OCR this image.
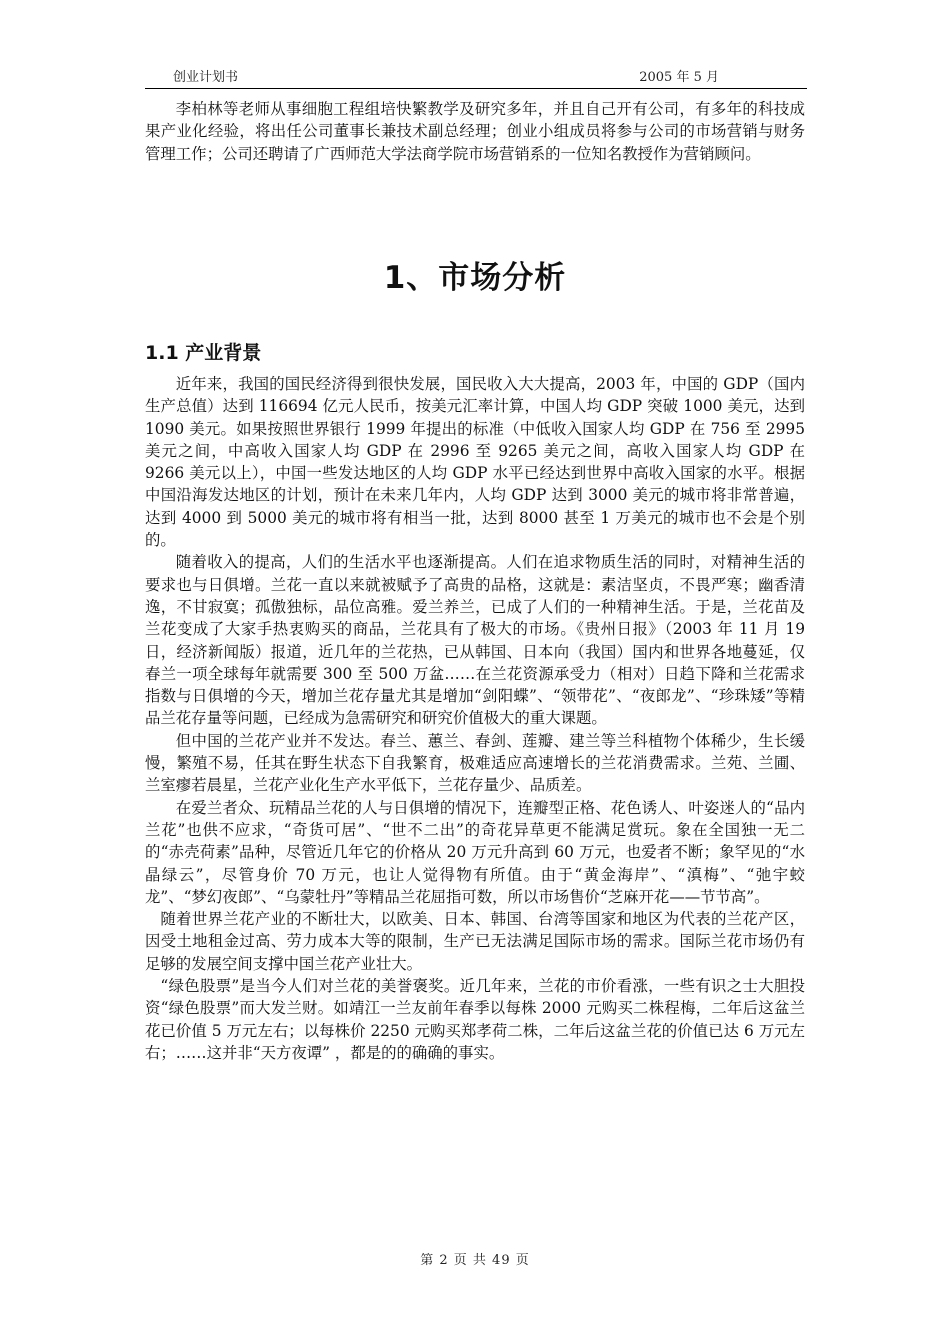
创业计划书	2005 年 5 月

李柏林等老师从事细胞工程组培快繁教学及研究多年，并且自己开有公司，有多年的科技成果产业化经验，将出任公司董事长兼技术副总经理；创业小组成员将参与公司的市场营销与财务管理工作；公司还聘请了广西师范大学法商学院市场营销系的一位知名教授作为营销顾问。

1、市场分析
1.1 产业背景

近年来，我国的国民经济得到很快发展，国民收入大大提高，2003 年，中国的 GDP（国内生产总值）达到 116694 亿元人民币，按美元汇率计算，中国人均 GDP 突破 1000 美元，达到 1090 美元。如果按照世界银行 1999 年提出的标准（中低收入国家人均 GDP 在 756 至 2995 美元之间，中高收入国家人均 GDP 在 2996 至 9265 美元之间，高收入国家人均 GDP 在 9266 美元以上），中国一些发达地区的人均 GDP 水平已经达到世界中高收入国家的水平。根据中国沿海发达地区的计划，预计在未来几年内，人均 GDP 达到 3000 美元的城市将非常普遍，达到 4000 到 5000 美元的城市将有相当一批，达到 8000 甚至 1 万美元的城市也不会是个别的。

随着收入的提高，人们的生活水平也逐渐提高。人们在追求物质生活的同时，对精神生活的要求也与日俱增。兰花一直以来就被赋予了高贵的品格，这就是：素洁坚贞，不畏严寒；幽香清逸，不甘寂寞；孤傲独标，品位高雅。爱兰养兰，已成了人们的一种精神生活。于是，兰花苗及兰花变成了大家手热衷购买的商品，兰花具有了极大的市场。《贵州日报》（2003 年 11 月 19 日，经济新闻版）报道，近几年的兰花热，已从韩国、日本向（我国）国内和世界各地蔓延，仅春兰一项全球每年就需要 300 至 500 万盆……在兰花资源承受力（相对）日趋下降和兰花需求指数与日俱增的今天，增加兰花存量尤其是增加“剑阳蝶”、“领带花”、“夜郎龙”、“珍珠矮”等精品兰花存量等问题，已经成为急需研究和研究价值极大的重大课题。

但中国的兰花产业并不发达。春兰、蕙兰、春剑、莲瓣、建兰等兰科植物个体稀少，生长缓慢，繁殖不易，任其在野生状态下自我繁育，极难适应高速增长的兰花消费需求。兰苑、兰圃、兰室瘳若晨星，兰花产业化生产水平低下，兰花存量少、品质差。

在爱兰者众、玩精品兰花的人与日俱增的情况下，连瓣型正格、花色诱人、叶姿迷人的“品内兰花”也供不应求，“奇货可居”、“世不二出”的奇花异草更不能满足赏玩。象在全国独一无二的“赤壳荷素”品种，尽管近几年它的价格从 20 万元升高到 60 万元，也爱者不断；象罕见的“水晶绿云”，尽管身价 70 万元，也让人觉得物有所值。由于“黄金海岸”、“滇梅”、“弛宇蛟龙”、“梦幻夜郎”、“乌蒙牡丹”等精品兰花屈指可数，所以市场售价“芝麻开花——节节高”。

随着世界兰花产业的不断壮大，以欧美、日本、韩国、台湾等国家和地区为代表的兰花产区，因受土地租金过高、劳力成本大等的限制，生产已无法满足国际市场的需求。国际兰花市场仍有足够的发展空间支撑中国兰花产业壮大。

“绿色股票”是当今人们对兰花的美誉褒奖。近几年来，兰花的市价看涨，一些有识之士大胆投资“绿色股票”而大发兰财。如靖江一兰友前年春季以每株 2000 元购买二株程梅，二年后这盆兰花已价值 5 万元左右；以每株价 2250 元购买郑孝荷二株，二年后这盆兰花的价值已达 6 万元左右；……这并非“天方夜谭” ，都是的的确确的事实。

第 2 页 共 49 页
